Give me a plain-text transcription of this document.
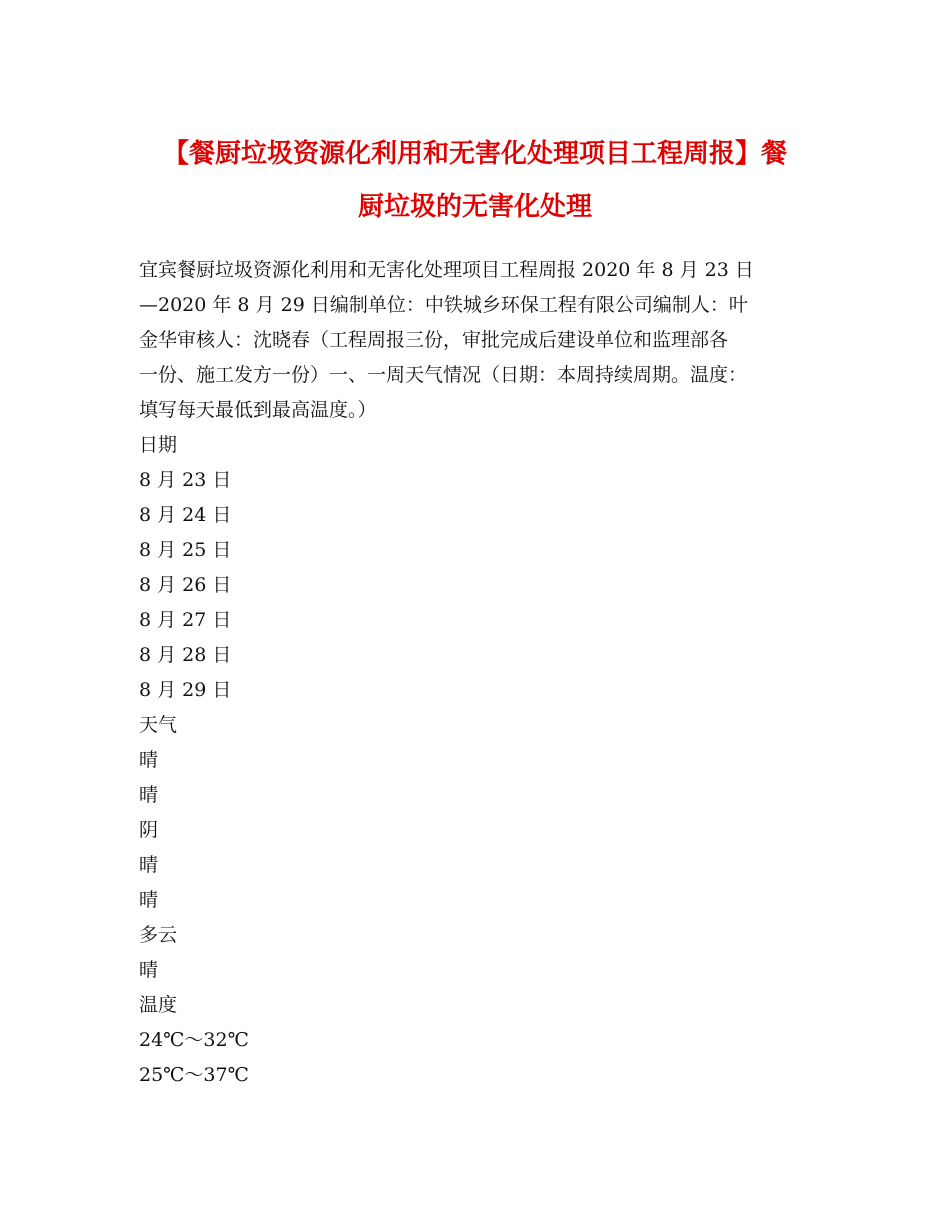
【餐厨垃圾资源化利用和无害化处理项目工程周报】餐
厨垃圾的无害化处理

宜宾餐厨垃圾资源化利用和无害化处理项目工程周报 2020 年 8 月 23 日
—2020 年 8 月 29 日编制单位：中铁城乡环保工程有限公司编制人：叶
金华审核人：沈晓春（工程周报三份，审批完成后建设单位和监理部各
一份、施工发方一份）一、一周天气情况（日期：本周持续周期。温度：
填写每天最低到最高温度。）

日期
8 月 23 日
8 月 24 日
8 月 25 日
8 月 26 日
8 月 27 日
8 月 28 日
8 月 29 日
天气
晴
晴
阴
晴
晴
多云
晴
温度
24℃～32℃
25℃～37℃
